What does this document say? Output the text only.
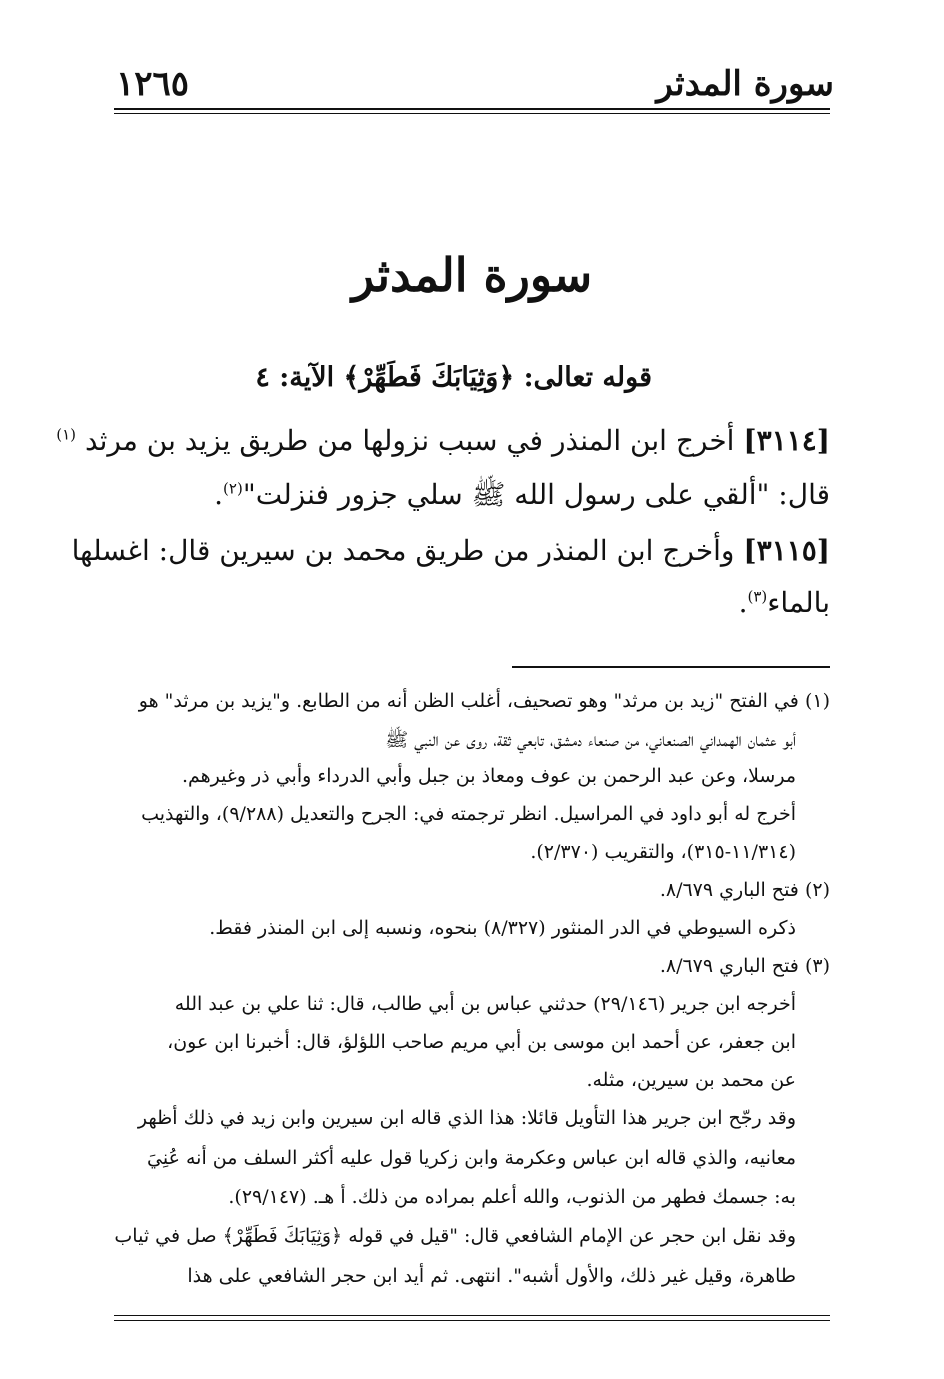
سورة المدثر
١٢٦٥
سورة المدثر
قوله تعالى: ﴿وَثِيَابَكَ فَطَهِّرْ﴾ الآية: ٤
[٣١١٤] أخرج ابن المنذر في سبب نزولها من طريق يزيد بن مرثد $^{(١)}$
قال: "ألقي على رسول الله ﷺ سلي جزور فنزلت"$^{(٢)}$.
[٣١١٥] وأخرج ابن المنذر من طريق محمد بن سيرين قال: اغسلها
بالماء$^{(٣)}$.
(١) في الفتح "زيد بن مرثد" وهو تصحيف، أغلب الظن أنه من الطابع. و"يزيد بن مرثد" هو
أبو عثمان الهمداني الصنعاني، من صنعاء دمشق، تابعي ثقة، روى عن النبي ﷺ
مرسلا، وعن عبد الرحمن بن عوف ومعاذ بن جبل وأبي الدرداء وأبي ذر وغيرهم.
أخرج له أبو داود في المراسيل. انظر ترجمته في: الجرح والتعديل (٩/٢٨٨)، والتهذيب
(١١/٣١٤-٣١٥)، والتقريب (٢/٣٧٠).
(٢) فتح الباري ٨/٦٧٩.
ذكره السيوطي في الدر المنثور (٨/٣٢٧) بنحوه، ونسبه إلى ابن المنذر فقط.
(٣) فتح الباري ٨/٦٧٩.
أخرجه ابن جرير (٢٩/١٤٦) حدثني عباس بن أبي طالب، قال: ثنا علي بن عبد الله
ابن جعفر، عن أحمد ابن موسى بن أبي مريم صاحب اللؤلؤ، قال: أخبرنا ابن عون،
عن محمد بن سيرين، مثله.
وقد رجّح ابن جرير هذا التأويل قائلا: هذا الذي قاله ابن سيرين وابن زيد في ذلك أظهر
معانيه، والذي قاله ابن عباس وعكرمة وابن زكريا قول عليه أكثر السلف من أنه عُنِيَ
به: جسمك فطهر من الذنوب، والله أعلم بمراده من ذلك. أ هـ. (٢٩/١٤٧).
وقد نقل ابن حجر عن الإمام الشافعي قال: "قيل في قوله ﴿وَثِيَابَكَ فَطَهِّرْ﴾ صل في ثياب
طاهرة، وقيل غير ذلك، والأول أشبه". انتهى. ثم أيد ابن حجر الشافعي على هذا
